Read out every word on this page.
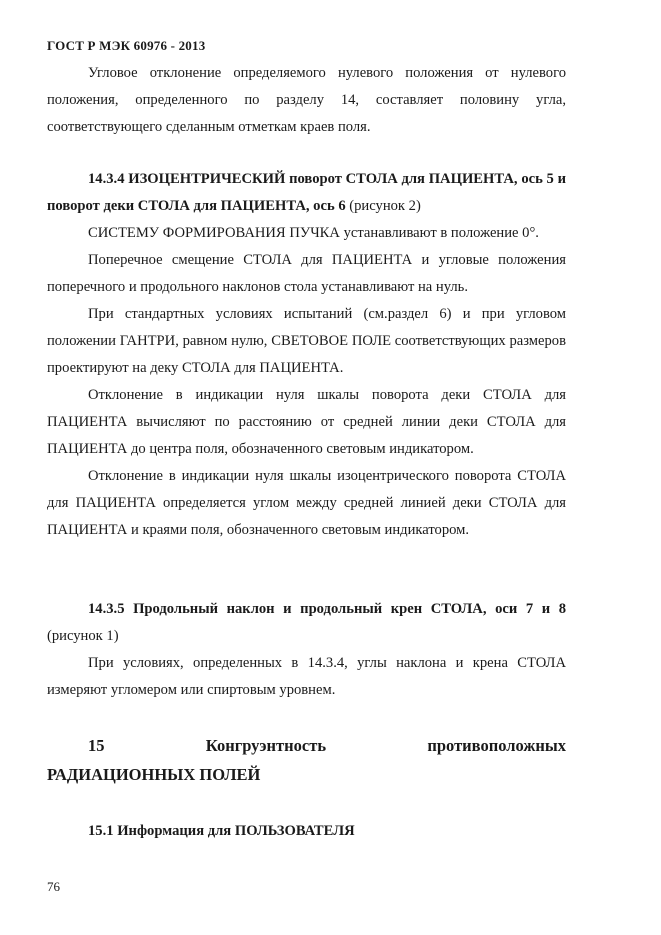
ГОСТ Р МЭК 60976 - 2013

Угловое отклонение определяемого нулевого положения от нулевого положения, определенного по разделу 14, составляет половину угла, соответствующего сделанным отметкам краев поля.

14.3.4 ИЗОЦЕНТРИЧЕСКИЙ поворот СТОЛА для ПАЦИЕНТА, ось 5 и поворот деки СТОЛА для ПАЦИЕНТА, ось 6 (рисунок 2)

СИСТЕМУ ФОРМИРОВАНИЯ ПУЧКА устанавливают в положение 0°.

Поперечное смещение СТОЛА для ПАЦИЕНТА и угловые положения поперечного и продольного наклонов стола устанавливают на нуль.

При стандартных условиях испытаний (см.раздел 6) и при угловом положении ГАНТРИ, равном нулю, СВЕТОВОЕ ПОЛЕ соответствующих размеров проектируют на деку СТОЛА для ПАЦИЕНТА.

Отклонение в индикации нуля шкалы поворота деки СТОЛА для ПАЦИЕНТА вычисляют по расстоянию от средней линии деки СТОЛА для ПАЦИЕНТА до центра поля, обозначенного световым индикатором.

Отклонение в индикации нуля шкалы изоцентрического поворота СТОЛА для ПАЦИЕНТА определяется углом между средней линией деки СТОЛА для ПАЦИЕНТА и краями поля, обозначенного световым индикатором.

14.3.5 Продольный наклон и продольный крен СТОЛА, оси 7 и 8 (рисунок 1)

При условиях, определенных в 14.3.4, углы наклона и крена СТОЛА измеряют угломером или спиртовым уровнем.

15	Конгруэнтность	противоположных
РАДИАЦИОННЫХ ПОЛЕЙ
15.1 Информация для ПОЛЬЗОВАТЕЛЯ
76
